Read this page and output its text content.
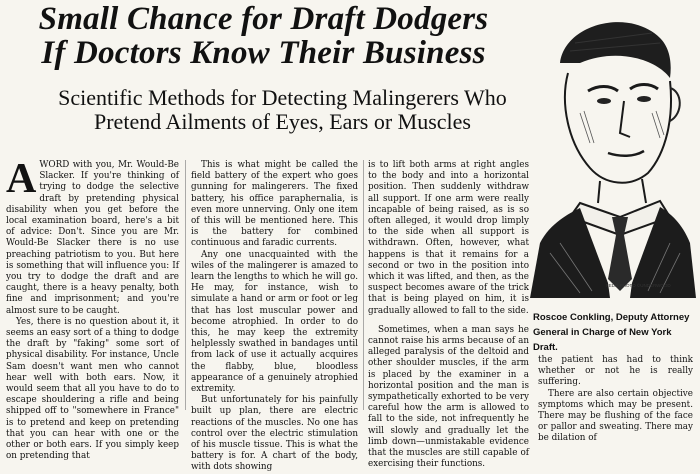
Small Chance for Draft Dodgers
If Doctors Know Their Business
Scientific Methods for Detecting Malingerers Who
Pretend Ailments of Eyes, Ears or Muscles
FEDR·PHOTO ©UNDERWOOD
Roscoe Conkling, Deputy Attorney General in Charge of New York Draft.
A WORD with you, Mr. Would-Be Slacker. If you're thinking of trying to dodge the selective draft by pretending physical disability when you get before the local examination board, here's a bit of advice: Don't. Since you are Mr. Would-Be Slacker there is no use preaching patriotism to you. But here is something that will influence you: If you try to dodge the draft and are caught, there is a heavy penalty, both fine and imprisonment; and you're almost sure to be caught.

Yes, there is no question about it, it seems an easy sort of a thing to dodge the draft by "faking" some sort of physical disability. For instance, Uncle Sam doesn't want men who cannot hear well with both ears. Now, it would seem that all you have to do to escape shouldering a rifle and being shipped off to "somewhere in France" is to pretend and keep on pretending that you can hear with one or the other or both ears. If you simply keep on pretending that

This is what might be called the field battery of the expert who goes gunning for malingerers. The fixed battery, his office paraphernalia, is even more unnerving. Only one item of this will be mentioned here. This is the battery for combined continuous and faradic currents.

Any one unacquainted with the wiles of the malingerer is amazed to learn the lengths to which he will go. He may, for instance, wish to simulate a hand or arm or foot or leg that has lost muscular power and become atrophied. In order to do this, he may keep the extremity helplessly swathed in bandages until from lack of use it actually acquires the flabby, blue, bloodless appearance of a genuinely atrophied extremity.

But unfortunately for his painfully built up plan, there are electric reactions of the muscles. No one has control over the electric stimulation of his muscle tissue. This is what the battery is for. A chart of the body, with dots showing

is to lift both arms at right angles to the body and into a horizontal position. Then suddenly withdraw all support. If one arm were really incapable of being raised, as is so often alleged, it would drop limply to the side when all support is withdrawn. Often, however, what happens is that it remains for a second or two in the position into which it was lifted, and then, as the suspect becomes aware of the trick that is being played on him, it is gradually allowed to fall to the side.

Sometimes, when a man says he cannot raise his arms because of an alleged paralysis of the deltoid and other shoulder muscles, if the arm is placed by the examiner in a horizontal position and the man is sympathetically exhorted to be very careful how the arm is allowed to fall to the side, not infrequently he will slowly and gradually let the limb down—unmistakable evidence that the muscles are still capable of exercising their functions.

the patient has had to think whether or not he is really suffering.

There are also certain objective symptoms which may be present. There may be flushing of the face or pallor and sweating. There may be dilation of
